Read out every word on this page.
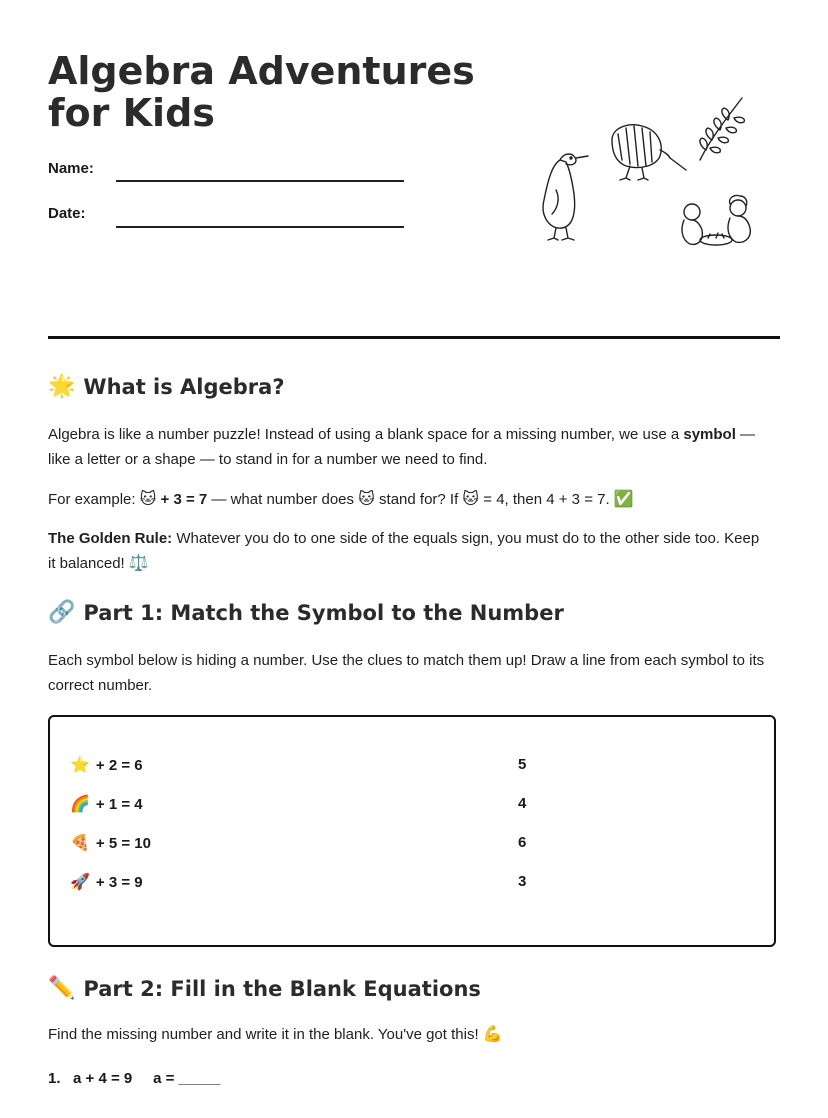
Algebra Adventures for Kids
Name:
Date:
🌟 What is Algebra?

Algebra is like a number puzzle! Instead of using a blank space for a missing number, we use a symbol — like a letter or a shape — to stand in for a number we need to find.

For example: 🐱 + 3 = 7 — what number does 🐱 stand for? If 🐱 = 4, then 4 + 3 = 7. ✅

The Golden Rule: Whatever you do to one side of the equals sign, you must do to the other side too. Keep it balanced! ⚖️

🔗 Part 1: Match the Symbol to the Number

Each symbol below is hiding a number. Use the clues to match them up! Draw a line from each symbol to its correct number.

⭐ + 2 = 6
🌈 + 1 = 4
🍕 + 5 = 10
🚀 + 3 = 9
5
4
6
3
✏️ Part 2: Fill in the Blank Equations

Find the missing number and write it in the blank. You've got this! 💪

1. a + 4 = 9 a = _____
